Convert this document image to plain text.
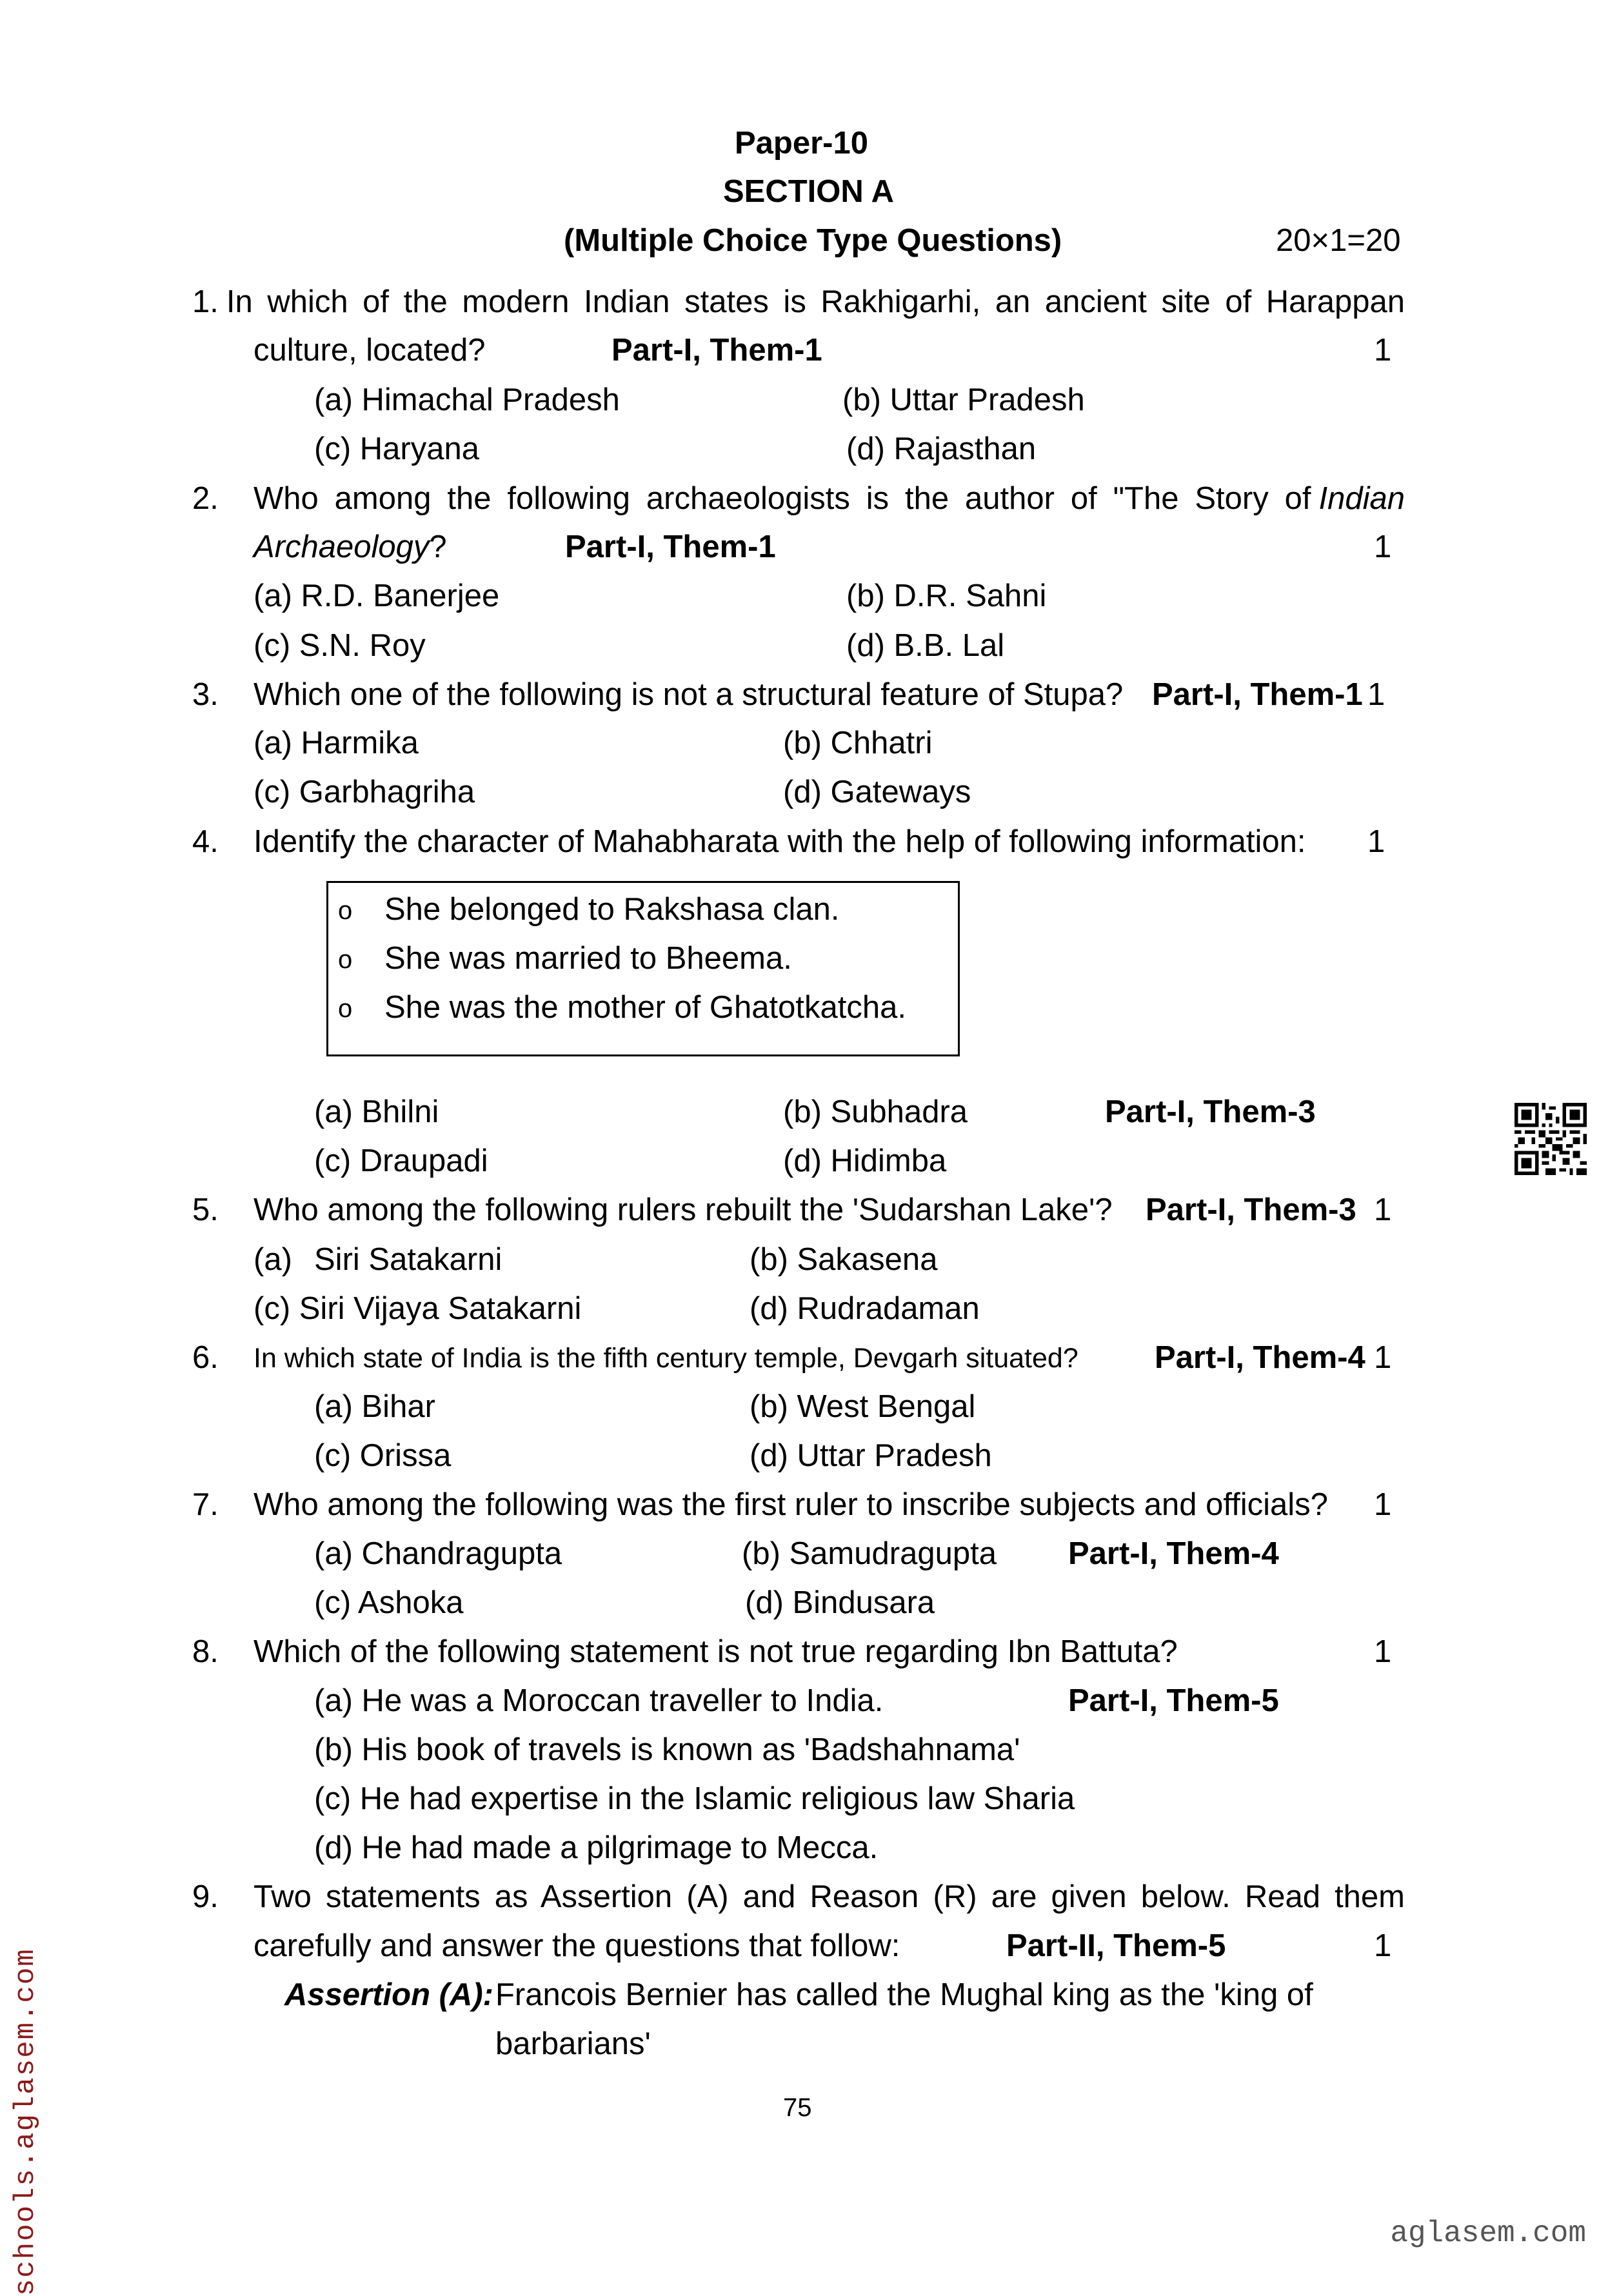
Paper-10
SECTION A
(Multiple Choice Type Questions)	20×1=20
1. In which of the modern Indian states is Rakhigarhi, an ancient site of Harappan
culture, located?	Part-I, Them-1	1
(a) Himachal Pradesh	(b) Uttar Pradesh
(c) Haryana	(d) Rajasthan
2. Who among the following archaeologists is the author of "The Story of Indian
Archaeology?	Part-I, Them-1	1
(a) R.D. Banerjee	(b) D.R. Sahni
(c) S.N. Roy	(d) B.B. Lal
3. Which one of the following is not a structural feature of Stupa? Part-I, Them-1 1
(a) Harmika	(b) Chhatri
(c) Garbhagriha	(d) Gateways
4. Identify the character of Mahabharata with the help of following information: 1
o She belonged to Rakshasa clan.
o She was married to Bheema.
o She was the mother of Ghatotkatcha.
(a) Bhilni	(b) Subhadra	Part-I, Them-3
(c) Draupadi	(d) Hidimba
5. Who among the following rulers rebuilt the 'Sudarshan Lake'? Part-I, Them-3 1
(a) Siri Satakarni	(b) Sakasena
(c) Siri Vijaya Satakarni	(d) Rudradaman
6. In which state of India is the fifth century temple, Devgarh situated? Part-I, Them-4 1
(a) Bihar	(b) West Bengal
(c) Orissa	(d) Uttar Pradesh
7. Who among the following was the first ruler to inscribe subjects and officials? 1
(a) Chandragupta	(b) Samudragupta Part-I, Them-4
(c) Ashoka	(d) Bindusara
8. Which of the following statement is not true regarding Ibn Battuta?	1
(a) He was a Moroccan traveller to India.	Part-I, Them-5
(b) His book of travels is known as 'Badshahnama'
(c) He had expertise in the Islamic religious law Sharia
(d) He had made a pilgrimage to Mecca.
9. Two statements as Assertion (A) and Reason (R) are given below. Read them
carefully and answer the questions that follow:	Part-II, Them-5	1
Assertion (A): Francois Bernier has called the Mughal king as the 'king of
barbarians'
75
schools.aglasem.com	aglasem.com
